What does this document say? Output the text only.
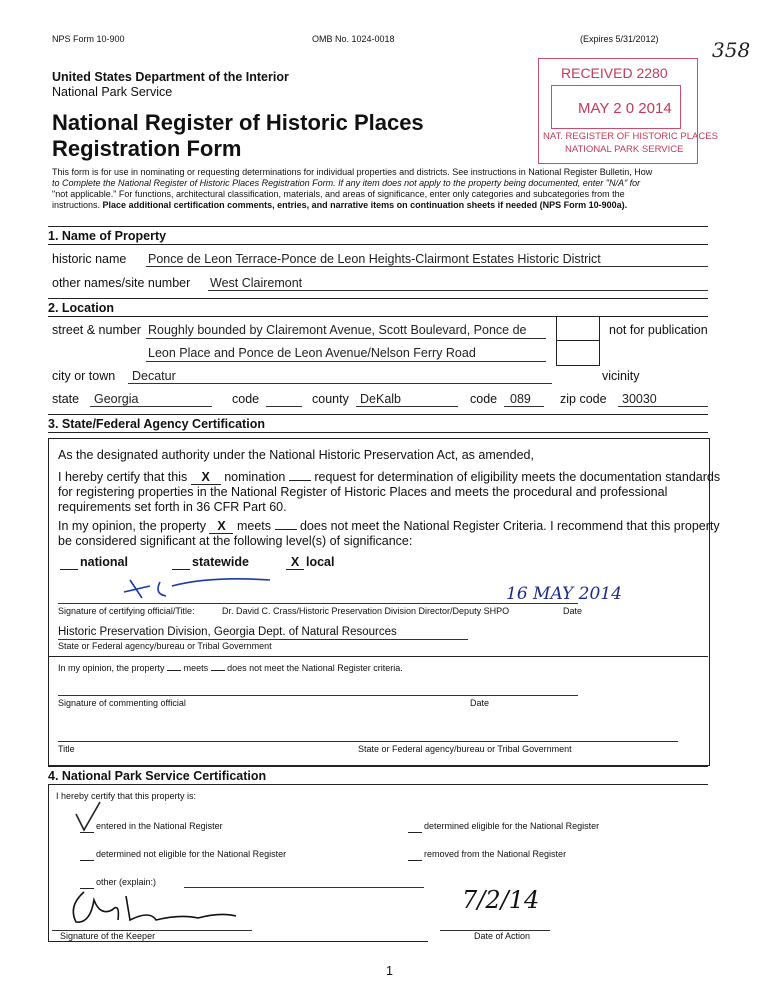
NPS Form 10-900	OMB No. 1024-0018	(Expires 5/31/2012)	358
United States Department of the Interior
National Park Service
National Register of Historic Places
Registration Form
RECEIVED 2280
MAY 2 0 2014
NAT. REGISTER OF HISTORIC PLACES
NATIONAL PARK SERVICE
This form is for use in nominating or requesting determinations for individual properties and districts. See instructions in National Register Bulletin, How
to Complete the National Register of Historic Places Registration Form. If any item does not apply to the property being documented, enter "N/A" for
"not applicable." For functions, architectural classification, materials, and areas of significance, enter only categories and subcategories from the
instructions. Place additional certification comments, entries, and narrative items on continuation sheets if needed (NPS Form 10-900a).
1. Name of Property
historic name Ponce de Leon Terrace-Ponce de Leon Heights-Clairmont Estates Historic District
other names/site number West Clairemont
2. Location
street & number Roughly bounded by Clairemont Avenue, Scott Boulevard, Ponce de
Leon Place and Ponce de Leon Avenue/Nelson Ferry Road
not for publication
city or town Decatur	vicinity
state Georgia	code	county DeKalb	code 089 zip code 30030
3. State/Federal Agency Certification
As the designated authority under the National Historic Preservation Act, as amended,
I hereby certify that this X nomination request for determination of eligibility meets the documentation standards
for registering properties in the National Register of Historic Places and meets the procedural and professional
requirements set forth in 36 CFR Part 60.
In my opinion, the property X meets does not meet the National Register Criteria. I recommend that this property
be considered significant at the following level(s) of significance:
national	statewide	X local
16 MAY 2014
Signature of certifying official/Title:	Dr. David C. Crass/Historic Preservation Division Director/Deputy SHPO	Date
Historic Preservation Division, Georgia Dept. of Natural Resources
State or Federal agency/bureau or Tribal Government
In my opinion, the property meets does not meet the National Register criteria.
Signature of commenting official	Date
Title	State or Federal agency/bureau or Tribal Government
4. National Park Service Certification
I hereby certify that this property is:
entered in the National Register	determined eligible for the National Register
determined not eligible for the National Register	removed from the National Register
other (explain:)
Signature of the Keeper
7/2/14
Date of Action
1
